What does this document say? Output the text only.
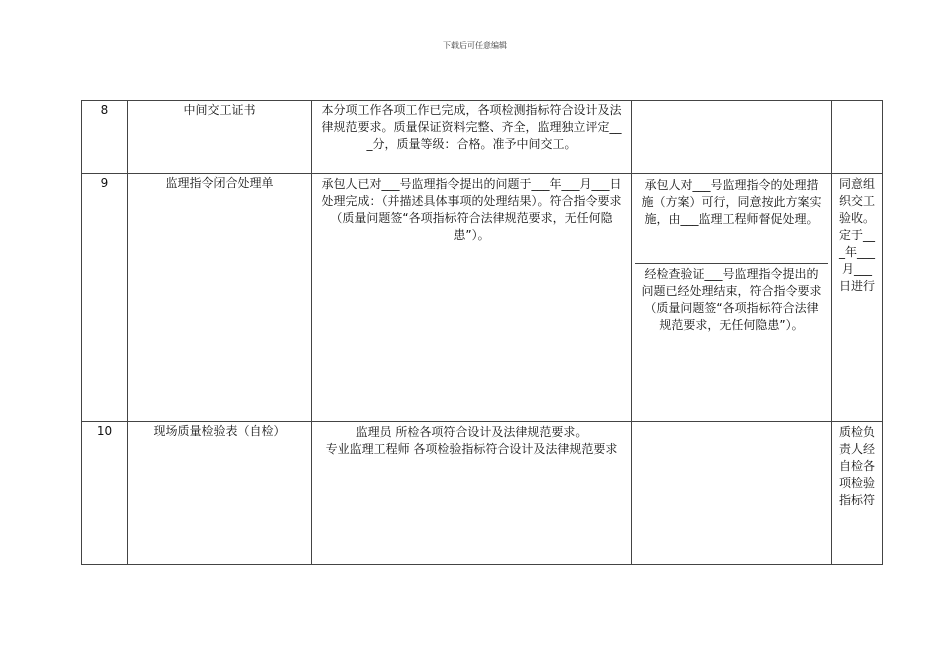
下载后可任意编辑
8	中间交工证书	本分项工作各项工作已完成，各项检测指标符合设计及法律规范要求。质量保证资料完整、齐全，监理独立评定___分，质量等级：合格。准予中间交工。		

9	监理指令闭合处理单	承包人已对___号监理指令提出的问题于___年___月___日处理完成：（并描述具体事项的处理结果）。符合指令要求（质量问题签“各项指标符合法律规范要求，无任何隐患”）。	承包人对___号监理指令的处理措施（方案）可行，同意按此方案实施，由___监理工程师督促处理。
经检查验证___号监理指令提出的问题已经处理结束，符合指令要求（质量问题签“各项指标符合法律规范要求，无任何隐患”）。	同意组织交工验收。定于___年___月___日进行
10	现场质量检验表（自检）	监理员 所检各项符合设计及法律规范要求。
专业监理工程师 各项检验指标符合设计及法律规范要求		质检负责人经自检各项检验指标符
